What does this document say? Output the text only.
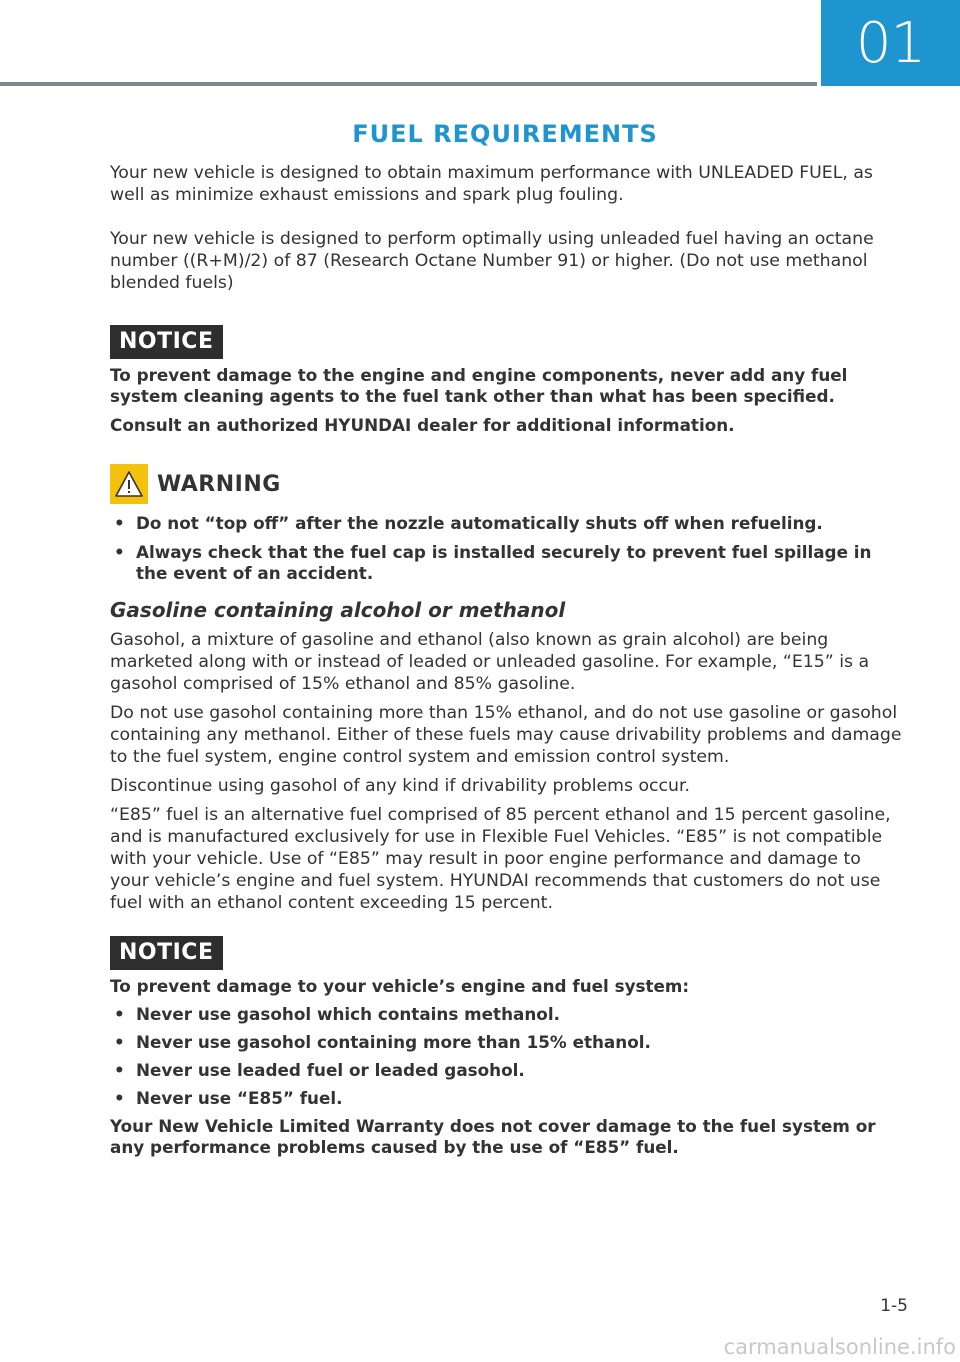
01
FUEL REQUIREMENTS

Your new vehicle is designed to obtain maximum performance with UNLEADED FUEL, as well as minimize exhaust emissions and spark plug fouling.

Your new vehicle is designed to perform optimally using unleaded fuel having an octane number ((R+M)/2) of 87 (Research Octane Number 91) or higher. (Do not use methanol blended fuels)

NOTICE

To prevent damage to the engine and engine components, never add any fuel system cleaning agents to the fuel tank other than what has been specified.

Consult an authorized HYUNDAI dealer for additional information.

WARNING
• Do not “top off” after the nozzle automatically shuts off when refueling.
• Always check that the fuel cap is installed securely to prevent fuel spillage in the event of an accident.
Gasoline containing alcohol or methanol

Gasohol, a mixture of gasoline and ethanol (also known as grain alcohol) are being marketed along with or instead of leaded or unleaded gasoline. For example, “E15” is a gasohol comprised of 15% ethanol and 85% gasoline.

Do not use gasohol containing more than 15% ethanol, and do not use gasoline or gasohol containing any methanol. Either of these fuels may cause drivability problems and damage to the fuel system, engine control system and emission control system.

Discontinue using gasohol of any kind if drivability problems occur.

“E85” fuel is an alternative fuel comprised of 85 percent ethanol and 15 percent gasoline, and is manufactured exclusively for use in Flexible Fuel Vehicles. “E85” is not compatible with your vehicle. Use of “E85” may result in poor engine performance and damage to your vehicle’s engine and fuel system. HYUNDAI recommends that customers do not use fuel with an ethanol content exceeding 15 percent.

NOTICE

To prevent damage to your vehicle’s engine and fuel system:

• Never use gasohol which contains methanol.
• Never use gasohol containing more than 15% ethanol.
• Never use leaded fuel or leaded gasohol.
• Never use “E85” fuel.

Your New Vehicle Limited Warranty does not cover damage to the fuel system or any performance problems caused by the use of “E85” fuel.

1-5
carmanualsonline.info
